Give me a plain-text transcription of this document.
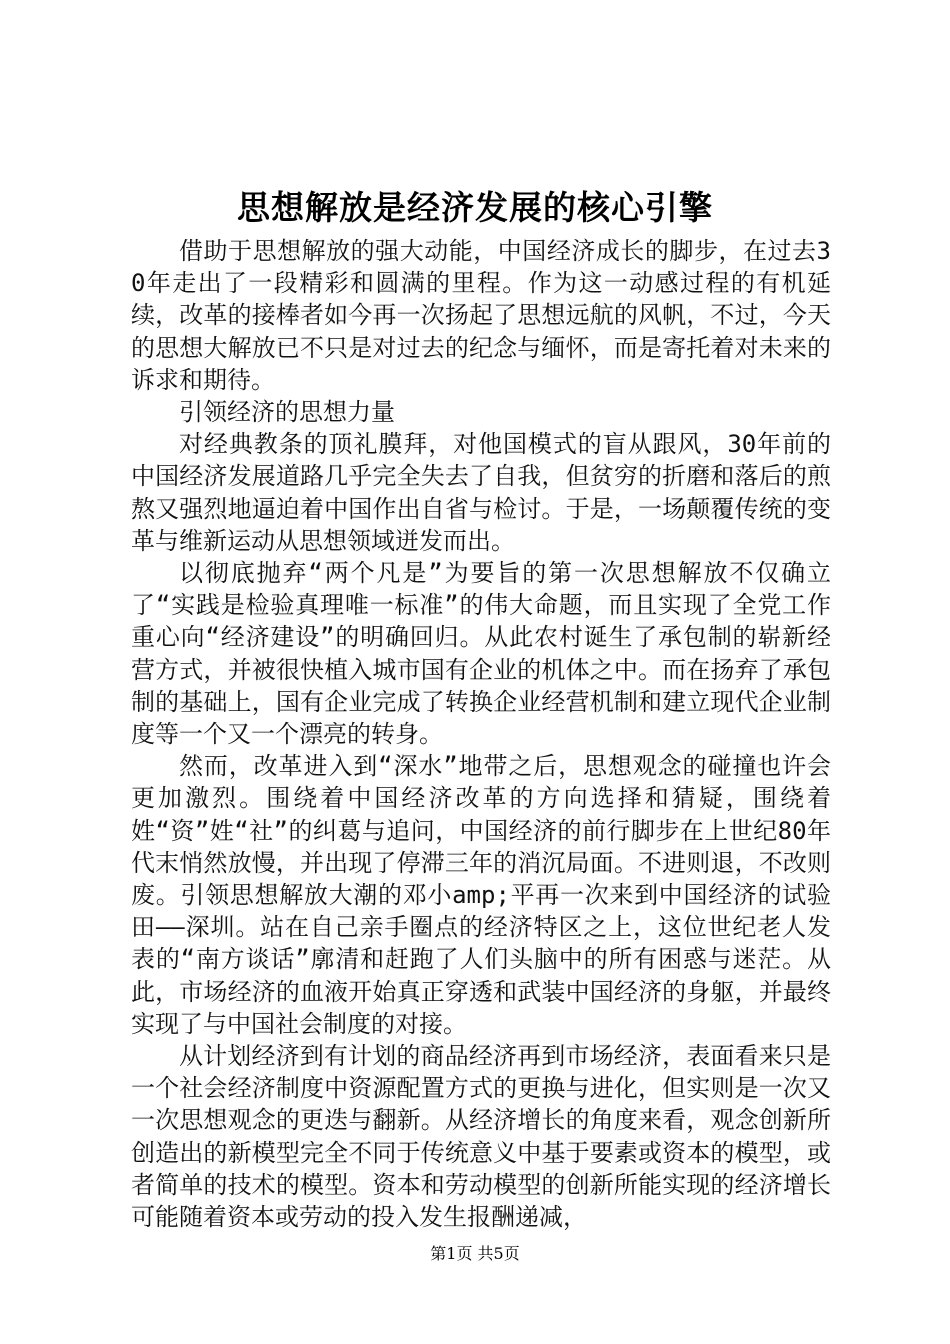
思想解放是经济发展的核心引擎

借助于思想解放的强大动能，中国经济成长的脚步，在过去30年走出了一段精彩和圆满的里程。作为这一动感过程的有机延续，改革的接棒者如今再一次扬起了思想远航的风帆，不过，今天的思想大解放已不只是对过去的纪念与缅怀，而是寄托着对未来的诉求和期待。

引领经济的思想力量

对经典教条的顶礼膜拜，对他国模式的盲从跟风，30年前的中国经济发展道路几乎完全失去了自我，但贫穷的折磨和落后的煎熬又强烈地逼迫着中国作出自省与检讨。于是，一场颠覆传统的变革与维新运动从思想领域迸发而出。

以彻底抛弃“两个凡是”为要旨的第一次思想解放不仅确立了“实践是检验真理唯一标准”的伟大命题，而且实现了全党工作重心向“经济建设”的明确回归。从此农村诞生了承包制的崭新经营方式，并被很快植入城市国有企业的机体之中。而在扬弃了承包制的基础上，国有企业完成了转换企业经营机制和建立现代企业制度等一个又一个漂亮的转身。

然而，改革进入到“深水”地带之后，思想观念的碰撞也许会更加激烈。围绕着中国经济改革的方向选择和猜疑，围绕着姓“资”姓“社”的纠葛与追问，中国经济的前行脚步在上世纪80年代末悄然放慢，并出现了停滞三年的消沉局面。不进则退，不改则废。引领思想解放大潮的邓小amp;平再一次来到中国经济的试验田——深圳。站在自己亲手圈点的经济特区之上，这位世纪老人发表的“南方谈话”廓清和赶跑了人们头脑中的所有困惑与迷茫。从此，市场经济的血液开始真正穿透和武装中国经济的身躯，并最终实现了与中国社会制度的对接。

从计划经济到有计划的商品经济再到市场经济，表面看来只是一个社会经济制度中资源配置方式的更换与进化，但实则是一次又一次思想观念的更迭与翻新。从经济增长的角度来看，观念创新所创造出的新模型完全不同于传统意义中基于要素或资本的模型，或者简单的技术的模型。资本和劳动模型的创新所能实现的经济增长可能随着资本或劳动的投入发生报酬递减，

第1页 共5页
